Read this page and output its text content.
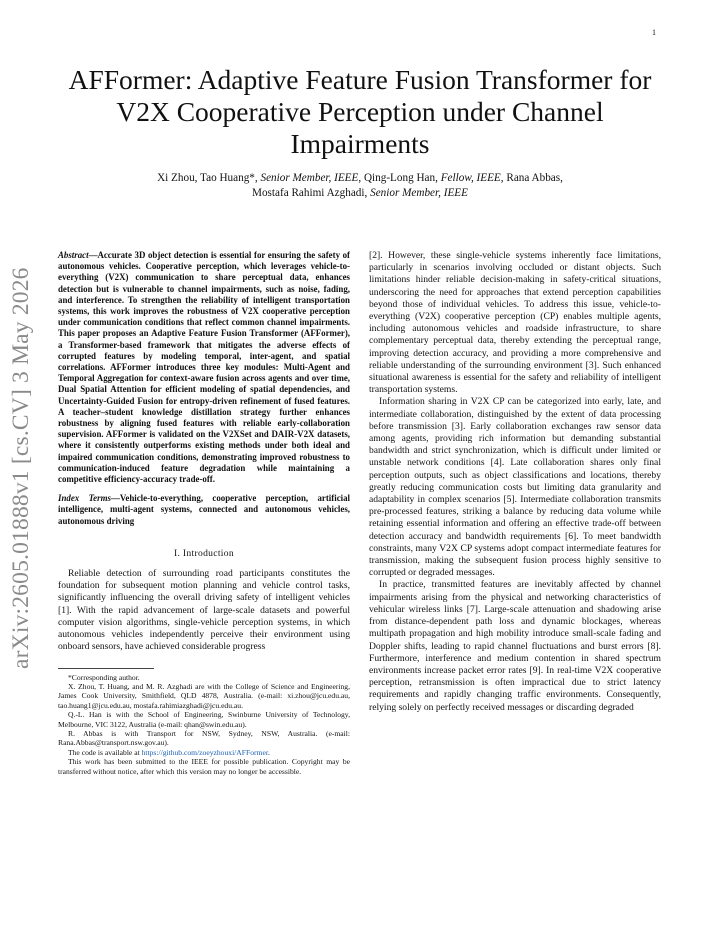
1
arXiv:2605.01888v1 [cs.CV] 3 May 2026
AFFormer: Adaptive Feature Fusion Transformer for V2X Cooperative Perception under Channel Impairments
Xi Zhou, Tao Huang*, Senior Member, IEEE, Qing-Long Han, Fellow, IEEE, Rana Abbas,
Mostafa Rahimi Azghadi, Senior Member, IEEE
Abstract—Accurate 3D object detection is essential for ensuring the safety of autonomous vehicles. Cooperative perception, which leverages vehicle-to-everything (V2X) communication to share perceptual data, enhances detection but is vulnerable to channel impairments, such as noise, fading, and interference. To strengthen the reliability of intelligent transportation systems, this work improves the robustness of V2X cooperative perception under communication conditions that reflect common channel impairments. This paper proposes an Adaptive Feature Fusion Transformer (AFFormer), a Transformer-based framework that mitigates the adverse effects of corrupted features by modeling temporal, inter-agent, and spatial correlations. AFFormer introduces three key modules: Multi-Agent and Temporal Aggregation for context-aware fusion across agents and over time, Dual Spatial Attention for efficient modeling of spatial dependencies, and Uncertainty-Guided Fusion for entropy-driven refinement of fused features. A teacher–student knowledge distillation strategy further enhances robustness by aligning fused features with reliable early-collaboration supervision. AFFormer is validated on the V2XSet and DAIR-V2X datasets, where it consistently outperforms existing methods under both ideal and impaired communication conditions, demonstrating improved robustness to communication-induced feature degradation while maintaining a competitive efficiency-accuracy trade-off.
Index Terms—Vehicle-to-everything, cooperative perception, artificial intelligence, multi-agent systems, connected and autonomous vehicles, autonomous driving
I. Introduction

Reliable detection of surrounding road participants constitutes the foundation for subsequent motion planning and vehicle control tasks, significantly influencing the overall driving safety of intelligent vehicles [1]. With the rapid advancement of large-scale datasets and powerful computer vision algorithms, single-vehicle perception systems, in which autonomous vehicles independently perceive their environment using onboard sensors, have achieved considerable progress

*Corresponding author.

X. Zhou, T. Huang, and M. R. Azghadi are with the College of Science and Engineering, James Cook University, Smithfield, QLD 4878, Australia. (e-mail: xi.zhou@jcu.edu.au, tao.huang1@jcu.edu.au, mostafa.rahimiazghadi@jcu.edu.au.

Q.-L. Han is with the School of Engineering, Swinburne University of Technology, Melbourne, VIC 3122, Australia (e-mail: qhan@swin.edu.au).

R. Abbas is with Transport for NSW, Sydney, NSW, Australia. (e-mail: Rana.Abbas@transport.nsw.gov.au).

The code is available at https://github.com/zoeyzhouxi/AFFormer.

This work has been submitted to the IEEE for possible publication. Copyright may be transferred without notice, after which this version may no longer be accessible.

[2]. However, these single-vehicle systems inherently face limitations, particularly in scenarios involving occluded or distant objects. Such limitations hinder reliable decision-making in safety-critical situations, underscoring the need for approaches that extend perception capabilities beyond those of individual vehicles. To address this issue, vehicle-to-everything (V2X) cooperative perception (CP) enables multiple agents, including autonomous vehicles and roadside infrastructure, to share complementary perceptual data, thereby extending the perceptual range, improving detection accuracy, and providing a more comprehensive and reliable understanding of the surrounding environment [3]. Such enhanced situational awareness is essential for the safety and reliability of intelligent transportation systems.

Information sharing in V2X CP can be categorized into early, late, and intermediate collaboration, distinguished by the extent of data processing before transmission [3]. Early collaboration exchanges raw sensor data among agents, providing rich information but demanding substantial bandwidth and strict synchronization, which is difficult under limited or unstable network conditions [4]. Late collaboration shares only final perception outputs, such as object classifications and locations, thereby greatly reducing communication costs but limiting data granularity and adaptability in complex scenarios [5]. Intermediate collaboration transmits pre-processed features, striking a balance by reducing data volume while retaining essential information and offering an effective trade-off between detection accuracy and bandwidth requirements [6]. To meet bandwidth constraints, many V2X CP systems adopt compact intermediate features for transmission, making the subsequent fusion process highly sensitive to corrupted or degraded messages.

In practice, transmitted features are inevitably affected by channel impairments arising from the physical and networking characteristics of vehicular wireless links [7]. Large-scale attenuation and shadowing arise from distance-dependent path loss and dynamic blockages, whereas multipath propagation and high mobility introduce small-scale fading and Doppler shifts, leading to rapid channel fluctuations and burst errors [8]. Furthermore, interference and medium contention in shared spectrum environments increase packet error rates [9]. In real-time V2X cooperative perception, retransmission is often impractical due to strict latency requirements and rapidly changing traffic environments. Consequently, relying solely on perfectly received messages or discarding degraded
